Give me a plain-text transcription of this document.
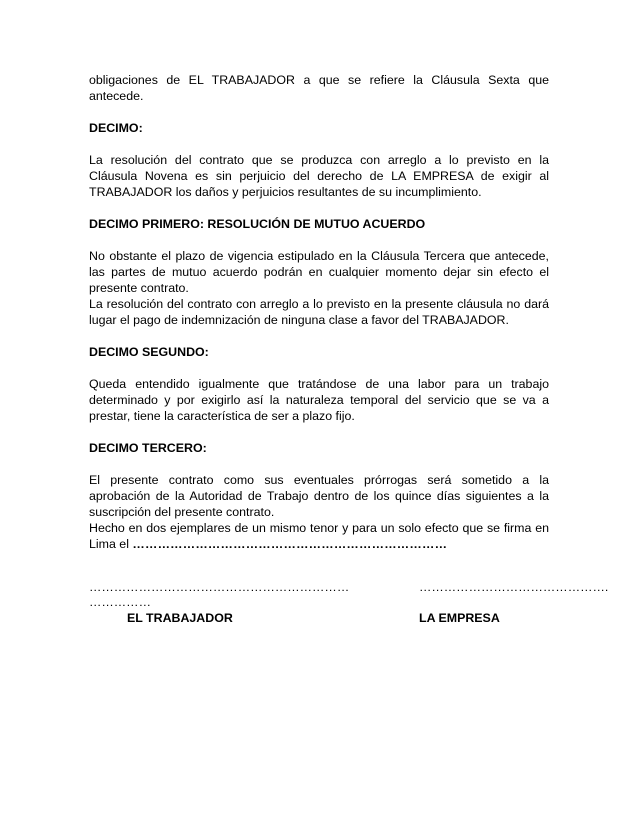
obligaciones de EL TRABAJADOR a que se refiere la Cláusula Sexta que
antecede.

DECIMO:

La resolución del contrato que se produzca con arreglo a lo previsto en la
Cláusula Novena es sin perjuicio del derecho de LA EMPRESA de exigir al
TRABAJADOR los daños y perjuicios resultantes de su incumplimiento.

DECIMO PRIMERO: RESOLUCIÓN DE MUTUO ACUERDO

No obstante el plazo de vigencia estipulado en la Cláusula Tercera que antecede,
las partes de mutuo acuerdo podrán en cualquier momento dejar sin efecto el
presente contrato.
La resolución del contrato con arreglo a lo previsto en la presente cláusula no dará
lugar el pago de indemnización de ninguna clase a favor del TRABAJADOR.

DECIMO SEGUNDO:

Queda entendido igualmente que tratándose de una labor para un trabajo
determinado y por exigirlo así la naturaleza temporal del servicio que se va a
prestar, tiene la característica de ser a plazo fijo.

DECIMO TERCERO:

El presente contrato como sus eventuales prórrogas será sometido a la
aprobación de la Autoridad de Trabajo dentro de los quince días siguientes a la
suscripción del presente contrato.
Hecho en dos ejemplares de un mismo tenor y para un solo efecto que se firma en
Lima el …………………………………………………………………

………………………………………………………
……………
……………………………………….
EL TRABAJADOR	LA EMPRESA
